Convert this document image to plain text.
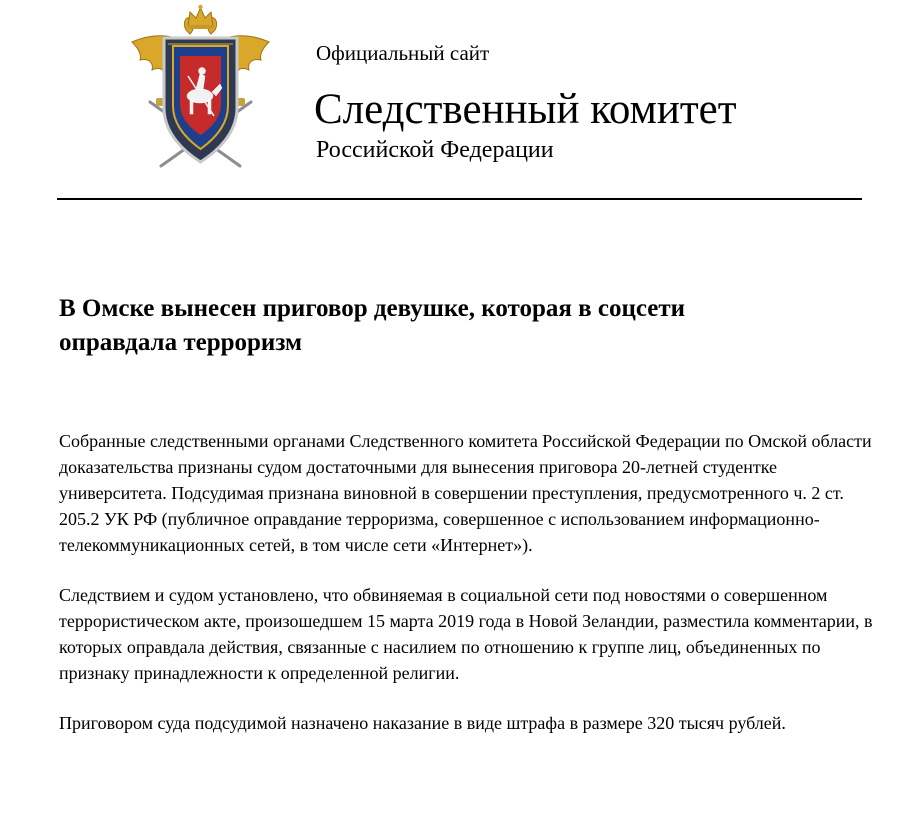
Официальный сайт
Следственный комитет
Российской Федерации
В Омске вынесен приговор девушке, которая в соцсети
оправдала терроризм

Собранные следственными органами Следственного комитета Российской Федерации по Омской области доказательства признаны судом достаточными для вынесения приговора 20-летней студентке университета. Подсудимая признана виновной в совершении преступления, предусмотренного ч. 2 ст. 205.2 УК РФ (публичное оправдание терроризма, совершенное с использованием информационно-телекоммуникационных сетей, в том числе сети «Интернет»).

Следствием и судом установлено, что обвиняемая в социальной сети под новостями о совершенном террористическом акте, произошедшем 15 марта 2019 года в Новой Зеландии, разместила комментарии, в которых оправдала действия, связанные с насилием по отношению к группе лиц, объединенных по признаку принадлежности к определенной религии.

Приговором суда подсудимой назначено наказание в виде штрафа в размере 320 тысяч рублей.
